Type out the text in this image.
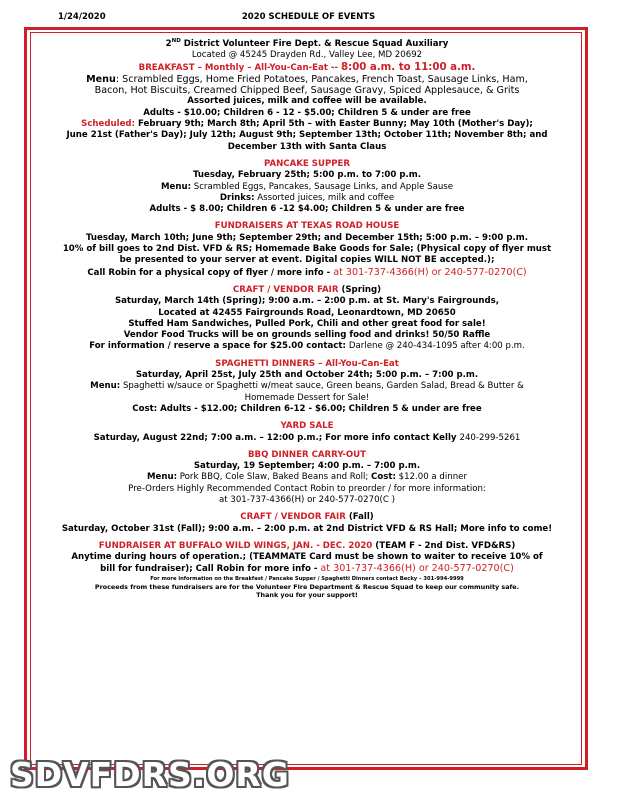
1/24/2020	2020 SCHEDULE OF EVENTS
2ND District Volunteer Fire Dept. & Rescue Squad Auxiliary
Located @ 45245 Drayden Rd., Valley Lee, MD 20692
BREAKFAST – Monthly – All-You-Can-Eat -- 8:00 a.m. to 11:00 a.m.
Menu: Scrambled Eggs, Home Fried Potatoes, Pancakes, French Toast, Sausage Links, Ham,
Bacon, Hot Biscuits, Creamed Chipped Beef, Sausage Gravy, Spiced Applesauce, & Grits
Assorted juices, milk and coffee will be available.
Adults - $10.00; Children 6 - 12 - $5.00; Children 5 & under are free
Scheduled: February 9th; March 8th; April 5th – with Easter Bunny; May 10th (Mother's Day);
June 21st (Father's Day); July 12th; August 9th; September 13th; October 11th; November 8th; and
December 13th with Santa Claus
PANCAKE SUPPER
Tuesday, February 25th; 5:00 p.m. to 7:00 p.m.
Menu: Scrambled Eggs, Pancakes, Sausage Links, and Apple Sause
Drinks: Assorted juices, milk and coffee
Adults - $ 8.00; Children 6 -12 $4.00; Children 5 & under are free
FUNDRAISERS AT TEXAS ROAD HOUSE
Tuesday, March 10th; June 9th; September 29th; and December 15th; 5:00 p.m. – 9:00 p.m.
10% of bill goes to 2nd Dist. VFD & RS; Homemade Bake Goods for Sale; (Physical copy of flyer must
be presented to your server at event. Digital copies WILL NOT BE accepted.);
Call Robin for a physical copy of flyer / more info - at 301-737-4366(H) or 240-577-0270(C)
CRAFT / VENDOR FAIR (Spring)
Saturday, March 14th (Spring); 9:00 a.m. – 2:00 p.m. at St. Mary's Fairgrounds,
Located at 42455 Fairgrounds Road, Leonardtown, MD 20650
Stuffed Ham Sandwiches, Pulled Pork, Chili and other great food for sale!
Vendor Food Trucks will be on grounds selling food and drinks! 50/50 Raffle
For information / reserve a space for $25.00 contact: Darlene @ 240-434-1095 after 4:00 p.m.
SPAGHETTI DINNERS – All-You-Can-Eat
Saturday, April 25st, July 25th and October 24th; 5:00 p.m. – 7:00 p.m.
Menu: Spaghetti w/sauce or Spaghetti w/meat sauce, Green beans, Garden Salad, Bread & Butter &
Homemade Dessert for Sale!
Cost: Adults - $12.00; Children 6-12 - $6.00; Children 5 & under are free
YARD SALE
Saturday, August 22nd; 7:00 a.m. – 12:00 p.m.; For more info contact Kelly 240-299-5261
BBQ DINNER CARRY-OUT
Saturday, 19 September; 4:00 p.m. – 7:00 p.m.
Menu: Pork BBQ, Cole Slaw, Baked Beans and Roll; Cost: $12.00 a dinner
Pre-Orders Highly Recommended Contact Robin to preorder / for more information:
at 301-737-4366(H) or 240-577-0270(C )
CRAFT / VENDOR FAIR (Fall)
Saturday, October 31st (Fall); 9:00 a.m. – 2:00 p.m. at 2nd District VFD & RS Hall; More info to come!
FUNDRAISER AT BUFFALO WILD WINGS, JAN. - DEC. 2020 (TEAM F - 2nd Dist. VFD&RS)
Anytime during hours of operation.; (TEAMMATE Card must be shown to waiter to receive 10% of
bill for fundraiser); Call Robin for more info - at 301-737-4366(H) or 240-577-0270(C)
For more information on the Breakfast / Pancake Supper / Spaghetti Dinners contact Becky – 301-994-9999
Proceeds from these fundraisers are for the Volunteer Fire Department & Rescue Squad to keep our community safe.
Thank you for your support!
SDVFDRS.ORG
